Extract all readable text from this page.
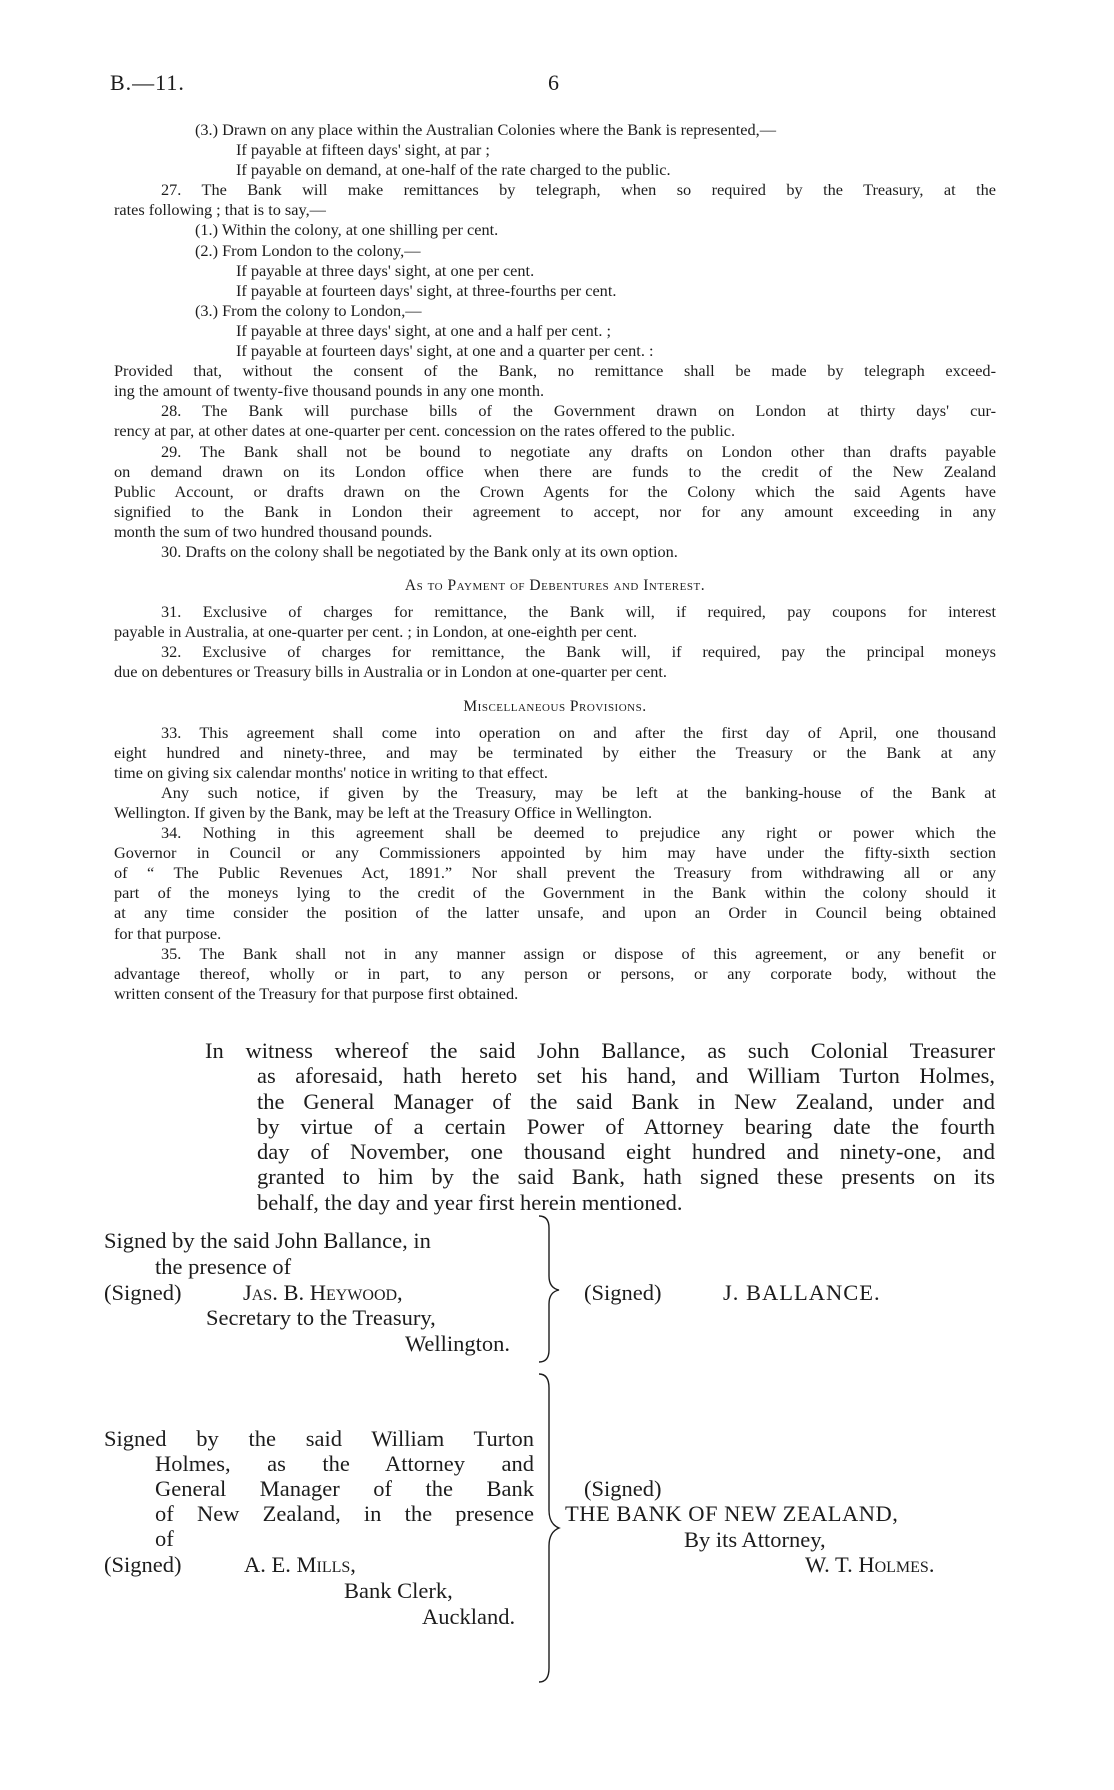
B.—11.	6

(3.) Drawn on any place within the Australian Colonies where the Bank is represented,—

If payable at fifteen days' sight, at par ;

If payable on demand, at one-half of the rate charged to the public.

27. The Bank will make remittances by telegraph, when so required by the Treasury, at the

rates following ; that is to say,—

(1.) Within the colony, at one shilling per cent.

(2.) From London to the colony,—

If payable at three days' sight, at one per cent.

If payable at fourteen days' sight, at three-fourths per cent.

(3.) From the colony to London,—

If payable at three days' sight, at one and a half per cent. ;

If payable at fourteen days' sight, at one and a quarter per cent. :

Provided that, without the consent of the Bank, no remittance shall be made by telegraph exceed-

ing the amount of twenty-five thousand pounds in any one month.

28. The Bank will purchase bills of the Government drawn on London at thirty days' cur-

rency at par, at other dates at one-quarter per cent. concession on the rates offered to the public.

29. The Bank shall not be bound to negotiate any drafts on London other than drafts payable

on demand drawn on its London office when there are funds to the credit of the New Zealand

Public Account, or drafts drawn on the Crown Agents for the Colony which the said Agents have

signified to the Bank in London their agreement to accept, nor for any amount exceeding in any

month the sum of two hundred thousand pounds.

30. Drafts on the colony shall be negotiated by the Bank only at its own option.

As to Payment of Debentures and Interest.

31. Exclusive of charges for remittance, the Bank will, if required, pay coupons for interest

payable in Australia, at one-quarter per cent. ; in London, at one-eighth per cent.

32. Exclusive of charges for remittance, the Bank will, if required, pay the principal moneys

due on debentures or Treasury bills in Australia or in London at one-quarter per cent.

Miscellaneous Provisions.

33. This agreement shall come into operation on and after the first day of April, one thousand

eight hundred and ninety-three, and may be terminated by either the Treasury or the Bank at any

time on giving six calendar months' notice in writing to that effect.

Any such notice, if given by the Treasury, may be left at the banking-house of the Bank at

Wellington. If given by the Bank, may be left at the Treasury Office in Wellington.

34. Nothing in this agreement shall be deemed to prejudice any right or power which the

Governor in Council or any Commissioners appointed by him may have under the fifty-sixth section

of “ The Public Revenues Act, 1891.” Nor shall prevent the Treasury from withdrawing all or any

part of the moneys lying to the credit of the Government in the Bank within the colony should it

at any time consider the position of the latter unsafe, and upon an Order in Council being obtained

for that purpose.

35. The Bank shall not in any manner assign or dispose of this agreement, or any benefit or

advantage thereof, wholly or in part, to any person or persons, or any corporate body, without the

written consent of the Treasury for that purpose first obtained.

In witness whereof the said John Ballance, as such Colonial Treasurer
as aforesaid, hath hereto set his hand, and William Turton Holmes,
the General Manager of the said Bank in New Zealand, under and
by virtue of a certain Power of Attorney bearing date the fourth
day of November, one thousand eight hundred and ninety-one, and
granted to him by the said Bank, hath signed these presents on its
behalf, the day and year first herein mentioned.
Signed by the said John Ballance, in
the presence of
(Signed)	Jas. B. Heywood,
Secretary to the Treasury,
Wellington.
(Signed)	J. BALLANCE.
Signed by the said William Turton
Holmes, as the Attorney and
General Manager of the Bank
of New Zealand, in the presence
of
(Signed)	A. E. Mills,
Bank Clerk,
Auckland.
(Signed)
THE BANK OF NEW ZEALAND,
By its Attorney,
W. T. Holmes.
